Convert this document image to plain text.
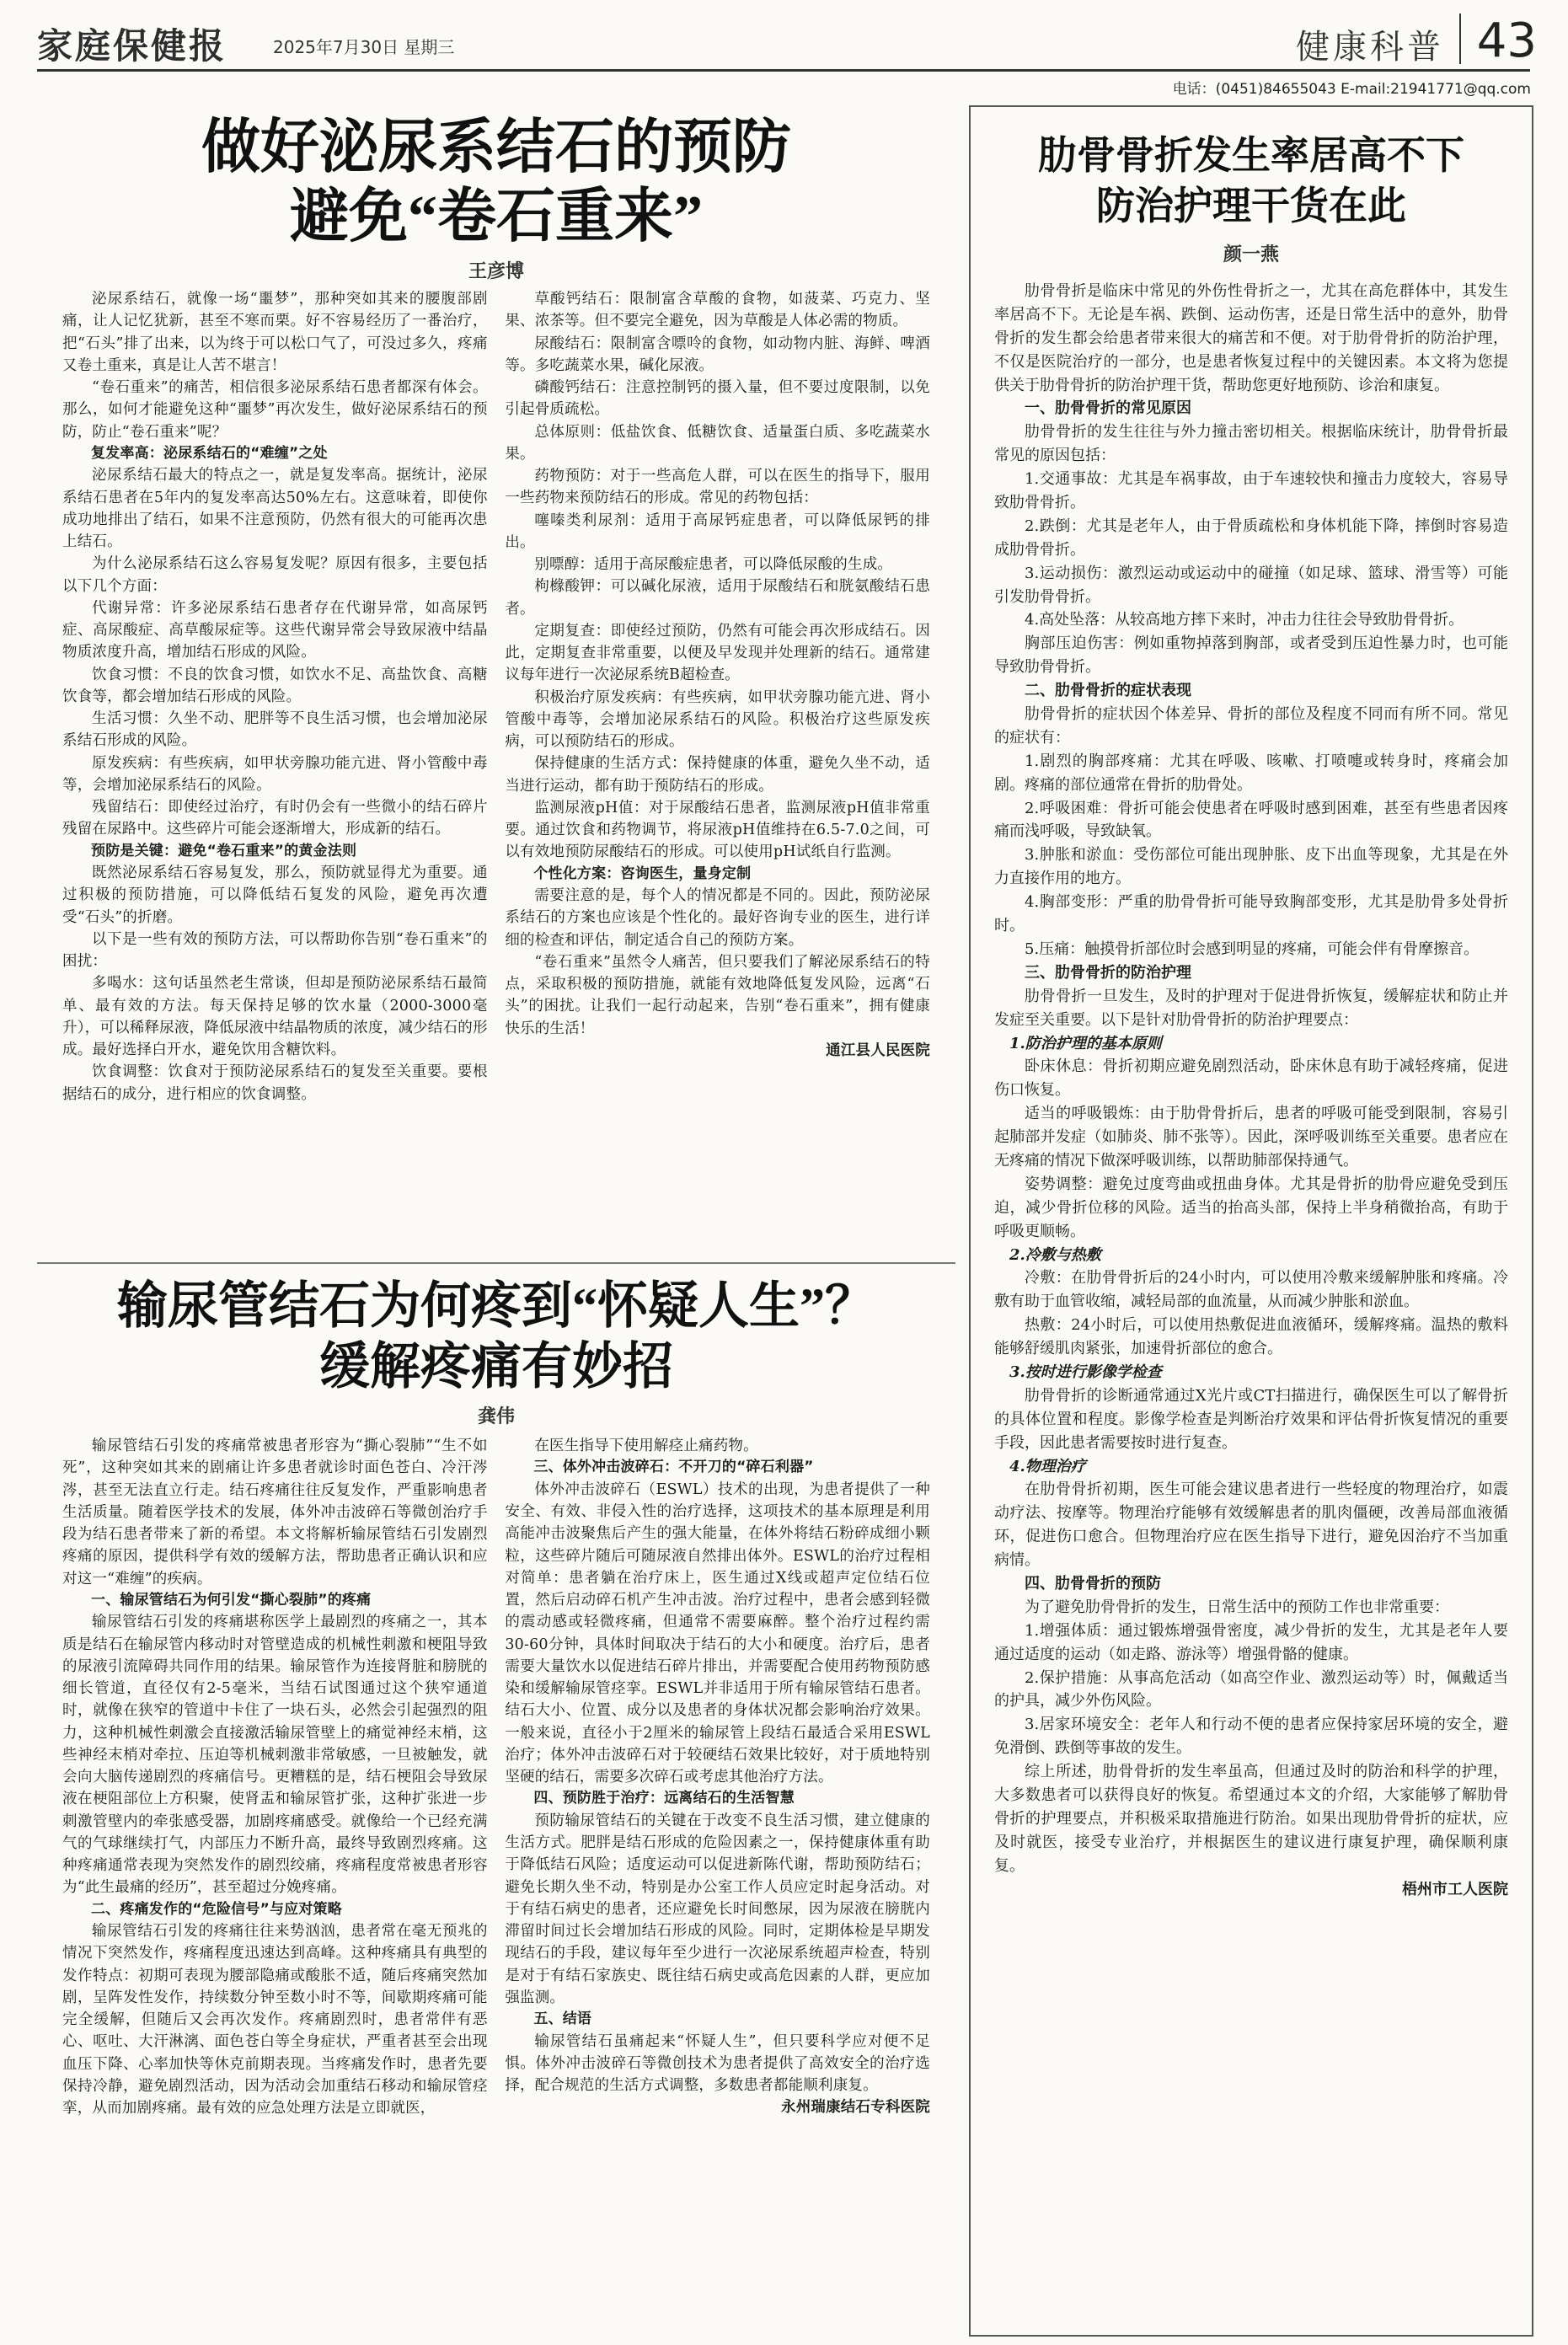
家庭保健报	2025年7月30日 星期三	健康科普 43
电话：(0451)84655043 E-mail:21941771@qq.com
做好泌尿系结石的预防
避免“卷石重来”
王彦博

泌尿系结石，就像一场“噩梦”，那种突如其来的腰腹部剧痛，让人记忆犹新，甚至不寒而栗。好不容易经历了一番治疗，把“石头”排了出来，以为终于可以松口气了，可没过多久，疼痛又卷土重来，真是让人苦不堪言！

“卷石重来”的痛苦，相信很多泌尿系结石患者都深有体会。那么，如何才能避免这种“噩梦”再次发生，做好泌尿系结石的预防，防止“卷石重来”呢？

复发率高：泌尿系结石的“难缠”之处

泌尿系结石最大的特点之一，就是复发率高。据统计，泌尿系结石患者在5年内的复发率高达50%左右。这意味着，即使你成功地排出了结石，如果不注意预防，仍然有很大的可能再次患上结石。

为什么泌尿系结石这么容易复发呢？原因有很多，主要包括以下几个方面：

代谢异常：许多泌尿系结石患者存在代谢异常，如高尿钙症、高尿酸症、高草酸尿症等。这些代谢异常会导致尿液中结晶物质浓度升高，增加结石形成的风险。

饮食习惯：不良的饮食习惯，如饮水不足、高盐饮食、高糖饮食等，都会增加结石形成的风险。

生活习惯：久坐不动、肥胖等不良生活习惯，也会增加泌尿系结石形成的风险。

原发疾病：有些疾病，如甲状旁腺功能亢进、肾小管酸中毒等，会增加泌尿系结石的风险。

残留结石：即使经过治疗，有时仍会有一些微小的结石碎片残留在尿路中。这些碎片可能会逐渐增大，形成新的结石。

预防是关键：避免“卷石重来”的黄金法则

既然泌尿系结石容易复发，那么，预防就显得尤为重要。通过积极的预防措施，可以降低结石复发的风险，避免再次遭受“石头”的折磨。

以下是一些有效的预防方法，可以帮助你告别“卷石重来”的困扰：

多喝水：这句话虽然老生常谈，但却是预防泌尿系结石最简单、最有效的方法。每天保持足够的饮水量（2000-3000毫升），可以稀释尿液，降低尿液中结晶物质的浓度，减少结石的形成。最好选择白开水，避免饮用含糖饮料。

饮食调整：饮食对于预防泌尿系结石的复发至关重要。要根据结石的成分，进行相应的饮食调整。

草酸钙结石：限制富含草酸的食物，如菠菜、巧克力、坚果、浓茶等。但不要完全避免，因为草酸是人体必需的物质。

尿酸结石：限制富含嘌呤的食物，如动物内脏、海鲜、啤酒等。多吃蔬菜水果，碱化尿液。

磷酸钙结石：注意控制钙的摄入量，但不要过度限制，以免引起骨质疏松。

总体原则：低盐饮食、低糖饮食、适量蛋白质、多吃蔬菜水果。

药物预防：对于一些高危人群，可以在医生的指导下，服用一些药物来预防结石的形成。常见的药物包括：

噻嗪类利尿剂：适用于高尿钙症患者，可以降低尿钙的排出。

别嘌醇：适用于高尿酸症患者，可以降低尿酸的生成。

枸橼酸钾：可以碱化尿液，适用于尿酸结石和胱氨酸结石患者。

定期复查：即使经过预防，仍然有可能会再次形成结石。因此，定期复查非常重要，以便及早发现并处理新的结石。通常建议每年进行一次泌尿系统B超检查。

积极治疗原发疾病：有些疾病，如甲状旁腺功能亢进、肾小管酸中毒等，会增加泌尿系结石的风险。积极治疗这些原发疾病，可以预防结石的形成。

保持健康的生活方式：保持健康的体重，避免久坐不动，适当进行运动，都有助于预防结石的形成。

监测尿液pH值：对于尿酸结石患者，监测尿液pH值非常重要。通过饮食和药物调节，将尿液pH值维持在6.5-7.0之间，可以有效地预防尿酸结石的形成。可以使用pH试纸自行监测。

个性化方案：咨询医生，量身定制

需要注意的是，每个人的情况都是不同的。因此，预防泌尿系结石的方案也应该是个性化的。最好咨询专业的医生，进行详细的检查和评估，制定适合自己的预防方案。

“卷石重来”虽然令人痛苦，但只要我们了解泌尿系结石的特点，采取积极的预防措施，就能有效地降低复发风险，远离“石头”的困扰。让我们一起行动起来，告别“卷石重来”，拥有健康快乐的生活！

通江县人民医院

输尿管结石为何疼到“怀疑人生”？
缓解疼痛有妙招
龚伟

输尿管结石引发的疼痛常被患者形容为“撕心裂肺”“生不如死”，这种突如其来的剧痛让许多患者就诊时面色苍白、冷汗涔涔，甚至无法直立行走。结石疼痛往往反复发作，严重影响患者生活质量。随着医学技术的发展，体外冲击波碎石等微创治疗手段为结石患者带来了新的希望。本文将解析输尿管结石引发剧烈疼痛的原因，提供科学有效的缓解方法，帮助患者正确认识和应对这一“难缠”的疾病。

一、输尿管结石为何引发“撕心裂肺”的疼痛

输尿管结石引发的疼痛堪称医学上最剧烈的疼痛之一，其本质是结石在输尿管内移动时对管壁造成的机械性刺激和梗阻导致的尿液引流障碍共同作用的结果。输尿管作为连接肾脏和膀胱的细长管道，直径仅有2-5毫米，当结石试图通过这个狭窄通道时，就像在狭窄的管道中卡住了一块石头，必然会引起强烈的阻力，这种机械性刺激会直接激活输尿管壁上的痛觉神经末梢，这些神经末梢对牵拉、压迫等机械刺激非常敏感，一旦被触发，就会向大脑传递剧烈的疼痛信号。更糟糕的是，结石梗阻会导致尿液在梗阻部位上方积聚，使肾盂和输尿管扩张，这种扩张进一步刺激管壁内的牵张感受器，加剧疼痛感受。就像给一个已经充满气的气球继续打气，内部压力不断升高，最终导致剧烈疼痛。这种疼痛通常表现为突然发作的剧烈绞痛，疼痛程度常被患者形容为“此生最痛的经历”，甚至超过分娩疼痛。

二、疼痛发作的“危险信号”与应对策略

输尿管结石引发的疼痛往往来势汹汹，患者常在毫无预兆的情况下突然发作，疼痛程度迅速达到高峰。这种疼痛具有典型的发作特点：初期可表现为腰部隐痛或酸胀不适，随后疼痛突然加剧，呈阵发性发作，持续数分钟至数小时不等，间歇期疼痛可能完全缓解，但随后又会再次发作。疼痛剧烈时，患者常伴有恶心、呕吐、大汗淋漓、面色苍白等全身症状，严重者甚至会出现血压下降、心率加快等休克前期表现。当疼痛发作时，患者先要保持冷静，避免剧烈活动，因为活动会加重结石移动和输尿管痉挛，从而加剧疼痛。最有效的应急处理方法是立即就医，

在医生指导下使用解痉止痛药物。

三、体外冲击波碎石：不开刀的“碎石利器”

体外冲击波碎石（ESWL）技术的出现，为患者提供了一种安全、有效、非侵入性的治疗选择，这项技术的基本原理是利用高能冲击波聚焦后产生的强大能量，在体外将结石粉碎成细小颗粒，这些碎片随后可随尿液自然排出体外。ESWL的治疗过程相对简单：患者躺在治疗床上，医生通过X线或超声定位结石位置，然后启动碎石机产生冲击波。治疗过程中，患者会感到轻微的震动感或轻微疼痛，但通常不需要麻醉。整个治疗过程约需30-60分钟，具体时间取决于结石的大小和硬度。治疗后，患者需要大量饮水以促进结石碎片排出，并需要配合使用药物预防感染和缓解输尿管痉挛。ESWL并非适用于所有输尿管结石患者。结石大小、位置、成分以及患者的身体状况都会影响治疗效果。一般来说，直径小于2厘米的输尿管上段结石最适合采用ESWL治疗；体外冲击波碎石对于较硬结石效果比较好，对于质地特别坚硬的结石，需要多次碎石或考虑其他治疗方法。

四、预防胜于治疗：远离结石的生活智慧

预防输尿管结石的关键在于改变不良生活习惯，建立健康的生活方式。肥胖是结石形成的危险因素之一，保持健康体重有助于降低结石风险；适度运动可以促进新陈代谢，帮助预防结石；避免长期久坐不动，特别是办公室工作人员应定时起身活动。对于有结石病史的患者，还应避免长时间憋尿，因为尿液在膀胱内滞留时间过长会增加结石形成的风险。同时，定期体检是早期发现结石的手段，建议每年至少进行一次泌尿系统超声检查，特别是对于有结石家族史、既往结石病史或高危因素的人群，更应加强监测。

五、结语

输尿管结石虽痛起来“怀疑人生”，但只要科学应对便不足惧。体外冲击波碎石等微创技术为患者提供了高效安全的治疗选择，配合规范的生活方式调整，多数患者都能顺利康复。

永州瑞康结石专科医院

肋骨骨折发生率居高不下
防治护理干货在此
颜一燕

肋骨骨折是临床中常见的外伤性骨折之一，尤其在高危群体中，其发生率居高不下。无论是车祸、跌倒、运动伤害，还是日常生活中的意外，肋骨骨折的发生都会给患者带来很大的痛苦和不便。对于肋骨骨折的防治护理，不仅是医院治疗的一部分，也是患者恢复过程中的关键因素。本文将为您提供关于肋骨骨折的防治护理干货，帮助您更好地预防、诊治和康复。

一、肋骨骨折的常见原因

肋骨骨折的发生往往与外力撞击密切相关。根据临床统计，肋骨骨折最常见的原因包括：

1.交通事故：尤其是车祸事故，由于车速较快和撞击力度较大，容易导致肋骨骨折。

2.跌倒：尤其是老年人，由于骨质疏松和身体机能下降，摔倒时容易造成肋骨骨折。

3.运动损伤：激烈运动或运动中的碰撞（如足球、篮球、滑雪等）可能引发肋骨骨折。

4.高处坠落：从较高地方摔下来时，冲击力往往会导致肋骨骨折。

胸部压迫伤害：例如重物掉落到胸部，或者受到压迫性暴力时，也可能导致肋骨骨折。

二、肋骨骨折的症状表现

肋骨骨折的症状因个体差异、骨折的部位及程度不同而有所不同。常见的症状有：

1.剧烈的胸部疼痛：尤其在呼吸、咳嗽、打喷嚏或转身时，疼痛会加剧。疼痛的部位通常在骨折的肋骨处。

2.呼吸困难：骨折可能会使患者在呼吸时感到困难，甚至有些患者因疼痛而浅呼吸，导致缺氧。

3.肿胀和淤血：受伤部位可能出现肿胀、皮下出血等现象，尤其是在外力直接作用的地方。

4.胸部变形：严重的肋骨骨折可能导致胸部变形，尤其是肋骨多处骨折时。

5.压痛：触摸骨折部位时会感到明显的疼痛，可能会伴有骨摩擦音。

三、肋骨骨折的防治护理

肋骨骨折一旦发生，及时的护理对于促进骨折恢复，缓解症状和防止并发症至关重要。以下是针对肋骨骨折的防治护理要点：

1.防治护理的基本原则

卧床休息：骨折初期应避免剧烈活动，卧床休息有助于减轻疼痛，促进伤口恢复。

适当的呼吸锻炼：由于肋骨骨折后，患者的呼吸可能受到限制，容易引起肺部并发症（如肺炎、肺不张等）。因此，深呼吸训练至关重要。患者应在无疼痛的情况下做深呼吸训练，以帮助肺部保持通气。

姿势调整：避免过度弯曲或扭曲身体。尤其是骨折的肋骨应避免受到压迫，减少骨折位移的风险。适当的抬高头部，保持上半身稍微抬高，有助于呼吸更顺畅。

2.冷敷与热敷

冷敷：在肋骨骨折后的24小时内，可以使用冷敷来缓解肿胀和疼痛。冷敷有助于血管收缩，减轻局部的血流量，从而减少肿胀和淤血。

热敷：24小时后，可以使用热敷促进血液循环，缓解疼痛。温热的敷料能够舒缓肌肉紧张，加速骨折部位的愈合。

3.按时进行影像学检查

肋骨骨折的诊断通常通过X光片或CT扫描进行，确保医生可以了解骨折的具体位置和程度。影像学检查是判断治疗效果和评估骨折恢复情况的重要手段，因此患者需要按时进行复查。

4.物理治疗

在肋骨骨折初期，医生可能会建议患者进行一些轻度的物理治疗，如震动疗法、按摩等。物理治疗能够有效缓解患者的肌肉僵硬，改善局部血液循环，促进伤口愈合。但物理治疗应在医生指导下进行，避免因治疗不当加重病情。

四、肋骨骨折的预防

为了避免肋骨骨折的发生，日常生活中的预防工作也非常重要：

1.增强体质：通过锻炼增强骨密度，减少骨折的发生，尤其是老年人要通过适度的运动（如走路、游泳等）增强骨骼的健康。

2.保护措施：从事高危活动（如高空作业、激烈运动等）时，佩戴适当的护具，减少外伤风险。

3.居家环境安全：老年人和行动不便的患者应保持家居环境的安全，避免滑倒、跌倒等事故的发生。

综上所述，肋骨骨折的发生率虽高，但通过及时的防治和科学的护理，大多数患者可以获得良好的恢复。希望通过本文的介绍，大家能够了解肋骨骨折的护理要点，并积极采取措施进行防治。如果出现肋骨骨折的症状，应及时就医，接受专业治疗，并根据医生的建议进行康复护理，确保顺利康复。

梧州市工人医院
